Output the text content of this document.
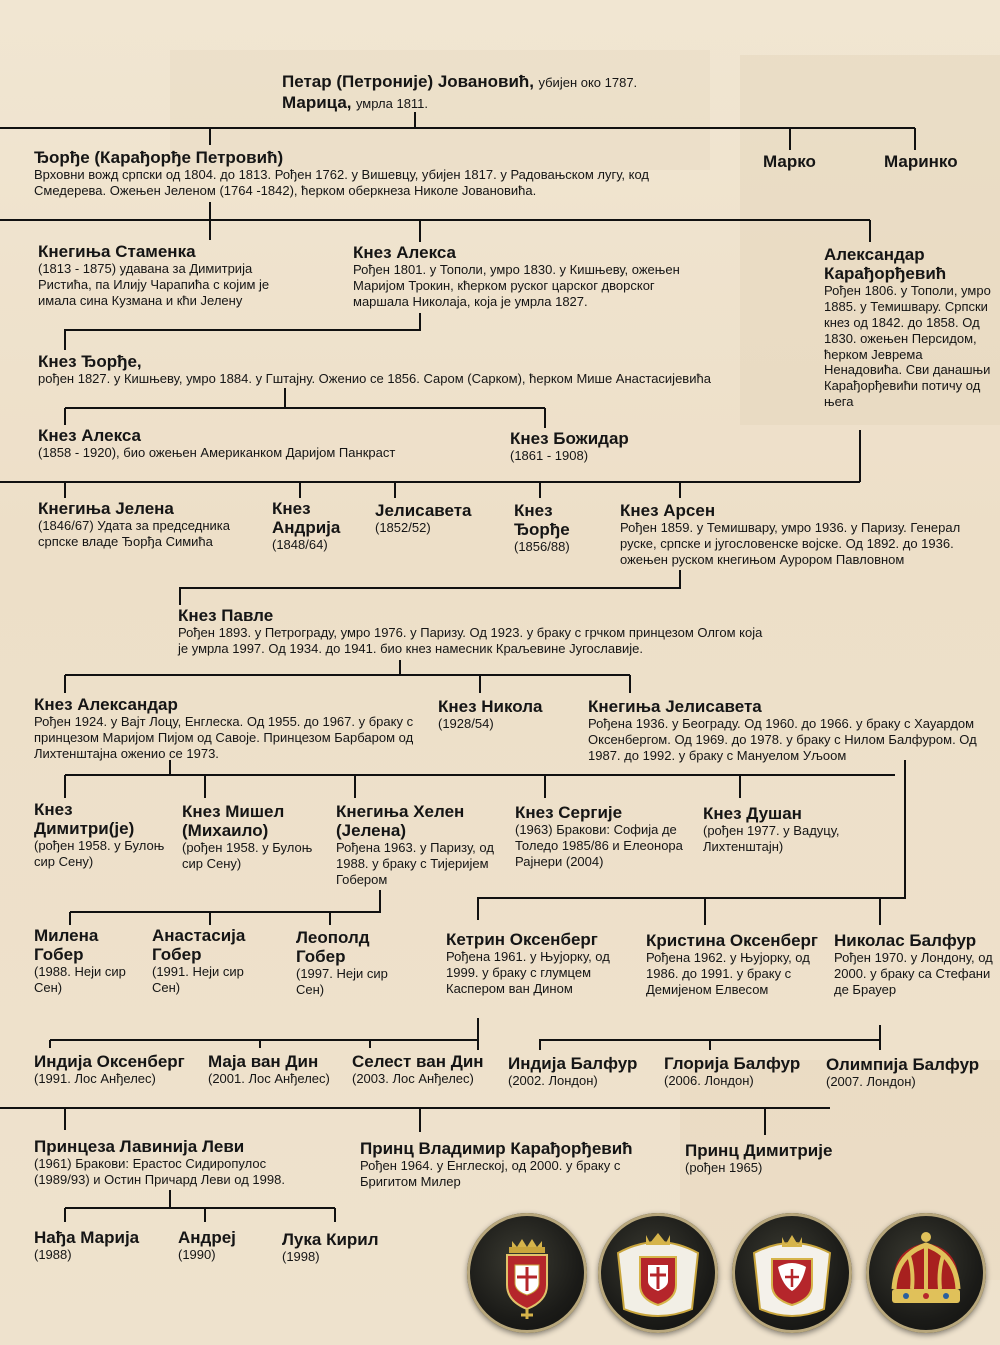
Петар (Петроније) Јовановић, убијен око 1787.
Марица, умрла 1811.
Ђорђе (Карађорђе Петровић)
Врховни вожд српски од 1804. до 1813. Рођен 1762. у Вишевцу, убијен 1817. у Радовањском лугу, код Смедерева. Ожењен Јеленом (1764 -1842), ћерком оберкнеза Николе Јовановића.
Марко	Маринко
Кнегиња Стаменка
(1813 - 1875) удавана за Димитрија Ристића, па Илију Чарапића с којим је имала сина Кузмана и кћи Јелену
Кнез Алекса
Рођен 1801. у Тополи, умро 1830. у Кишњеву, ожењен Маријом Трокин, кћерком руског царског дворског маршала Николаја, која је умрла 1827.
Александар Карађорђевић
Рођен 1806. у Тополи, умро 1885. у Темишвару. Српски кнез од 1842. до 1858. Од 1830. ожењен Персидом, ћерком Јеврема Ненадовића. Сви данашњи Карађорђевићи потичу од њега
Кнез Ђорђе,
рођен 1827. у Кишњеву, умро 1884. у Гштајну. Оженио се 1856. Саром (Сарком), ћерком Мише Анастасијевића
Кнез Алекса
(1858 - 1920), био ожењен Американком Даријом Панкраст
Кнез Божидар
(1861 - 1908)
Кнегиња Јелена
(1846/67) Удата за председника српске владе Ђорђа Симића
Кнез Андрија
(1848/64)
Јелисавета
(1852/52)
Кнез Ђорђе
(1856/88)
Кнез Арсен
Рођен 1859. у Темишвару, умро 1936. у Паризу. Генерал руске, српске и југословенске војске. Од 1892. до 1936. ожењен руском кнегињом Аурором Павловном
Кнез Павле
Рођен 1893. у Петрограду, умро 1976. у Паризу. Од 1923. у браку с грчком принцезом Олгом која је умрла 1997. Од 1934. до 1941. био кнез намесник Краљевине Југославије.
Кнез Александар
Рођен 1924. у Вајт Лоцу, Енглеска. Од 1955. до 1967. у браку с принцезом Маријом Пијом од Савоје. Принцезом Барбаром од Лихтенштајна оженио се 1973.
Кнез Никола
(1928/54)
Кнегиња Јелисавета
Рођена 1936. у Београду. Од 1960. до 1966. у браку с Хауардом Оксенбергом. Од 1969. до 1978. у браку с Нилом Балфуром. Од 1987. до 1992. у браку с Мануелом Уљоом
Кнез Димитри(је)
(рођен 1958. у Булоњ сир Сену)
Кнез Мишел (Михаило)
(рођен 1958. у Булоњ сир Сену)
Кнегиња Хелен (Јелена)
Рођена 1963. у Паризу, од 1988. у браку с Тијеријем Гобером
Кнез Сергије
(1963) Бракови: Софија де Толедо 1985/86 и Елеонора Рајнери (2004)
Кнез Душан
(рођен 1977. у Вадуцу, Лихтенштајн)
Милена Гобер
(1988. Неји сир Сен)
Анастасија Гобер
(1991. Неји сир Сен)
Леополд Гобер
(1997. Неји сир Сен)
Кетрин Оксенберг
Рођена 1961. у Њујорку, од 1999. у браку с глумцем Каспером ван Дином
Кристина Оксенберг
Рођена 1962. у Њујорку, од 1986. до 1991. у браку с Демијеном Елвесом
Николас Балфур
Рођен 1970. у Лондону, од 2000. у браку са Стефани де Брауер
Индија Оксенберг
(1991. Лос Анђелес)
Маја ван Дин
(2001. Лос Анђелес)
Селест ван Дин
(2003. Лос Анђелес)
Индија Балфур
(2002. Лондон)
Глорија Балфур
(2006. Лондон)
Олимпија Балфур
(2007. Лондон)
Принцеза Лавинија Леви
(1961) Бракови: Ерастос Сидиропулос (1989/93) и Остин Причард Леви од 1998.
Принц Владимир Карађорђевић
Рођен 1964. у Енглеској, од 2000. у браку с Бригитом Милер
Принц Димитрије
(рођен 1965)
Нађа Марија
(1988)
Андреј
(1990)
Лука Кирил
(1998)
